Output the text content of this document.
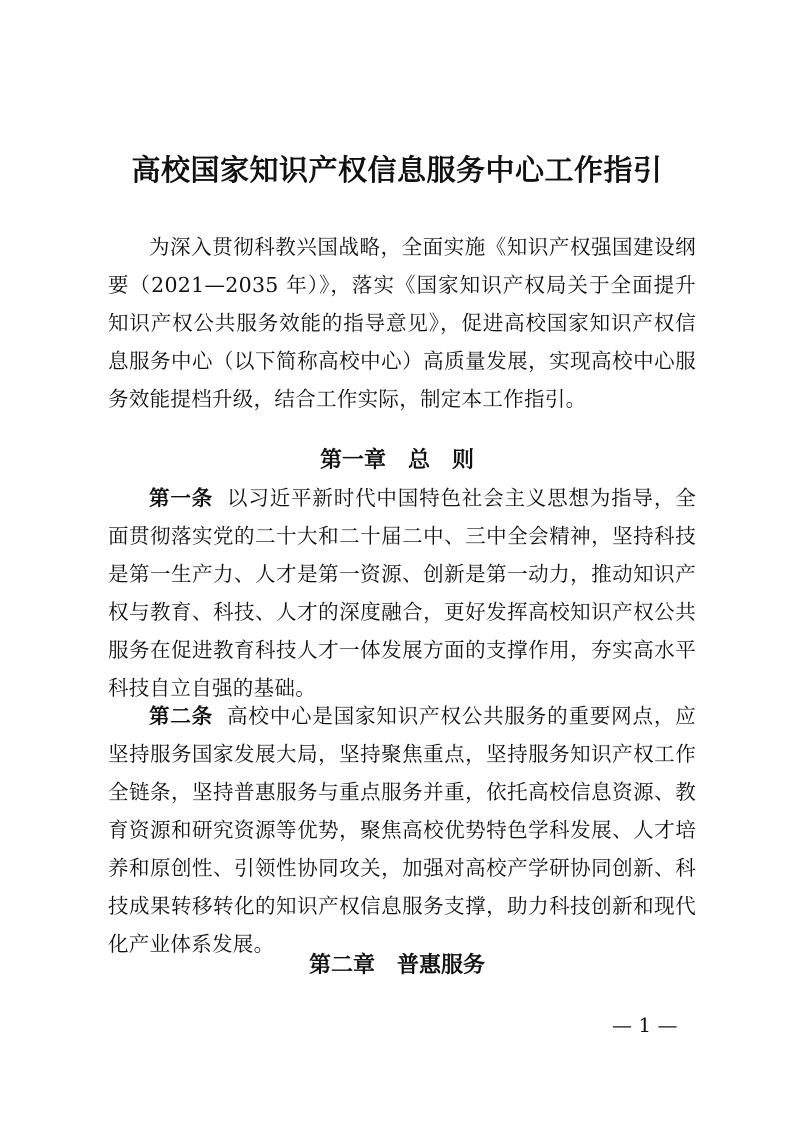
高校国家知识产权信息服务中心工作指引

为深入贯彻科教兴国战略，全面实施《知识产权强国建设纲要（2021—2035 年）》，落实《国家知识产权局关于全面提升知识产权公共服务效能的指导意见》，促进高校国家知识产权信息服务中心（以下简称高校中心）高质量发展，实现高校中心服务效能提档升级，结合工作实际，制定本工作指引。

第一章　总　则

第一条 以习近平新时代中国特色社会主义思想为指导，全面贯彻落实党的二十大和二十届二中、三中全会精神，坚持科技是第一生产力、人才是第一资源、创新是第一动力，推动知识产权与教育、科技、人才的深度融合，更好发挥高校知识产权公共服务在促进教育科技人才一体发展方面的支撑作用，夯实高水平科技自立自强的基础。

第二条 高校中心是国家知识产权公共服务的重要网点，应坚持服务国家发展大局，坚持聚焦重点，坚持服务知识产权工作全链条，坚持普惠服务与重点服务并重，依托高校信息资源、教育资源和研究资源等优势，聚焦高校优势特色学科发展、人才培养和原创性、引领性协同攻关，加强对高校产学研协同创新、科技成果转移转化的知识产权信息服务支撑，助力科技创新和现代化产业体系发展。

第二章　普惠服务
— 1 —
